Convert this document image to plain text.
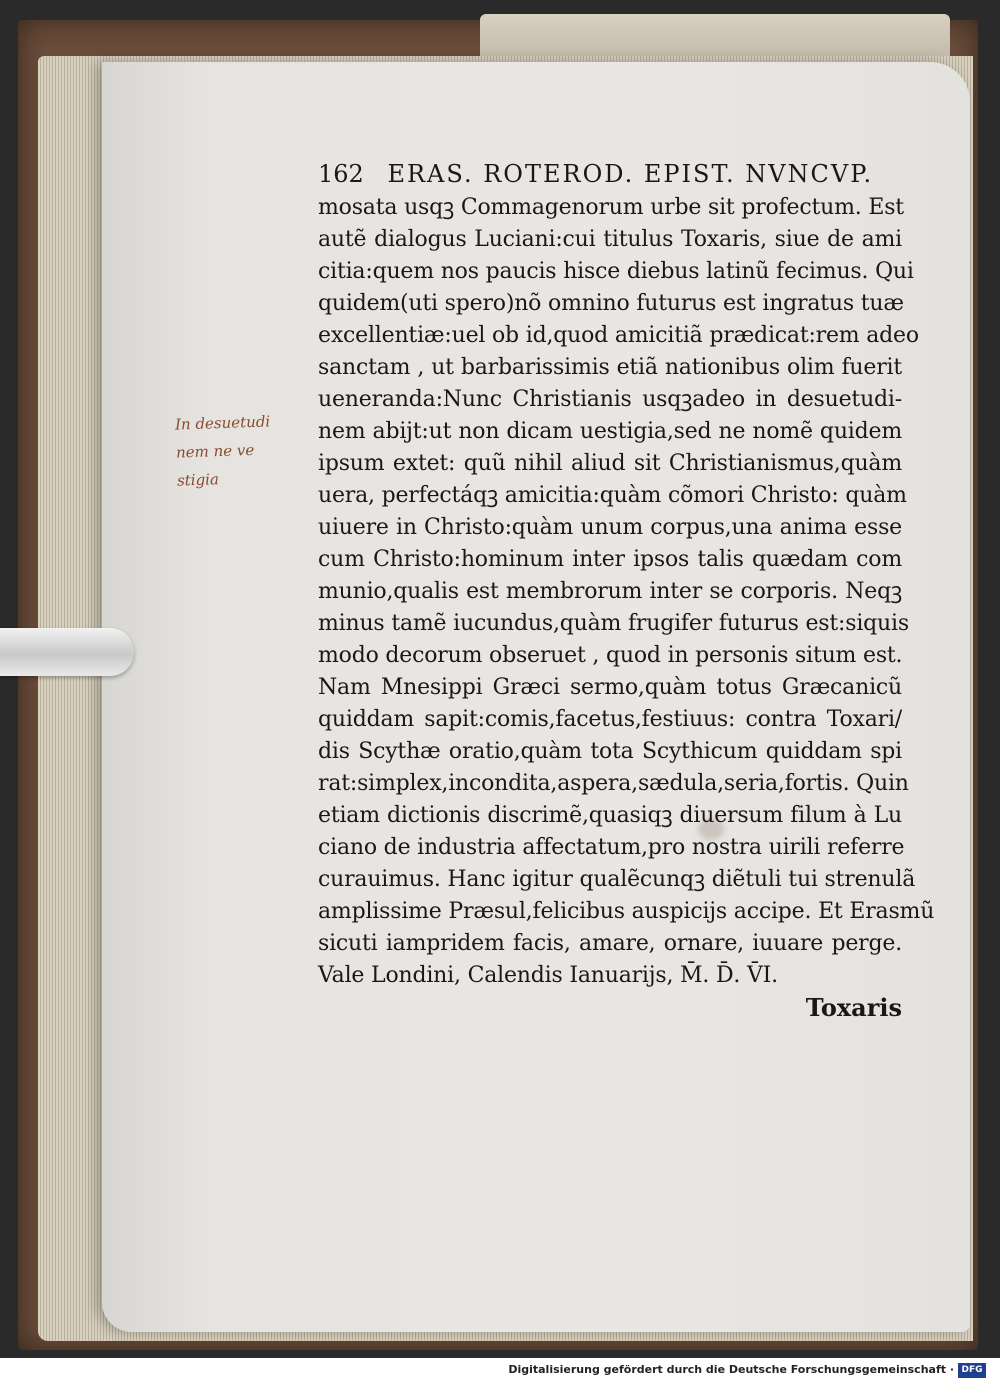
In desuetudi
nem ne ve
stigia
162 ERAS. ROTEROD. EPIST. NVNCVP.
mosata usqꝫ Commagenorum urbe sit profectum. Est
autẽ dialogus Luciani:cui titulus Toxaris, siue de ami
citia:quem nos paucis hisce diebus latinũ fecimus. Qui
quidem(uti spero)nõ omnino futurus est ingratus tuæ
excellentiæ:uel ob id,quod amicitiã prædicat:rem adeo
sanctam , ut barbarissimis etiã nationibus olim fuerit
ueneranda:Nunc Christianis usqꝫadeo in desuetudi-
nem abijt:ut non dicam uestigia,sed ne nomẽ quidem
ipsum extet: quũ nihil aliud sit Christianismus,quàm
uera, perfectáqꝫ amicitia:quàm cõmori Christo: quàm
uiuere in Christo:quàm unum corpus,una anima esse
cum Christo:hominum inter ipsos talis quædam com
munio,qualis est membrorum inter se corporis. Neqꝫ
minus tamẽ iucundus,quàm frugifer futurus est:siquis
modo decorum obseruet , quod in personis situm est.
Nam Mnesippi Græci sermo,quàm totus Græcanicũ
quiddam sapit:comis,facetus,festiuus: contra Toxari/
dis Scythæ oratio,quàm tota Scythicum quiddam spi
rat:simplex,incondita,aspera,sædula,seria,fortis. Quin
etiam dictionis discrimẽ,quasiqꝫ diuersum filum à Lu
ciano de industria affectatum,pro nostra uirili referre
curauimus. Hanc igitur qualẽcunqꝫ diẽtuli tui strenulã
amplissime Præsul,felicibus auspicijs accipe. Et Erasmũ
sicuti iampridem facis, amare, ornare, iuuare perge.
Vale Londini, Calendis Ianuarijs, M̄. D̄. V̄I.
Toxaris
Digitalisierung gefördert durch die Deutsche Forschungsgemeinschaft · DFG
